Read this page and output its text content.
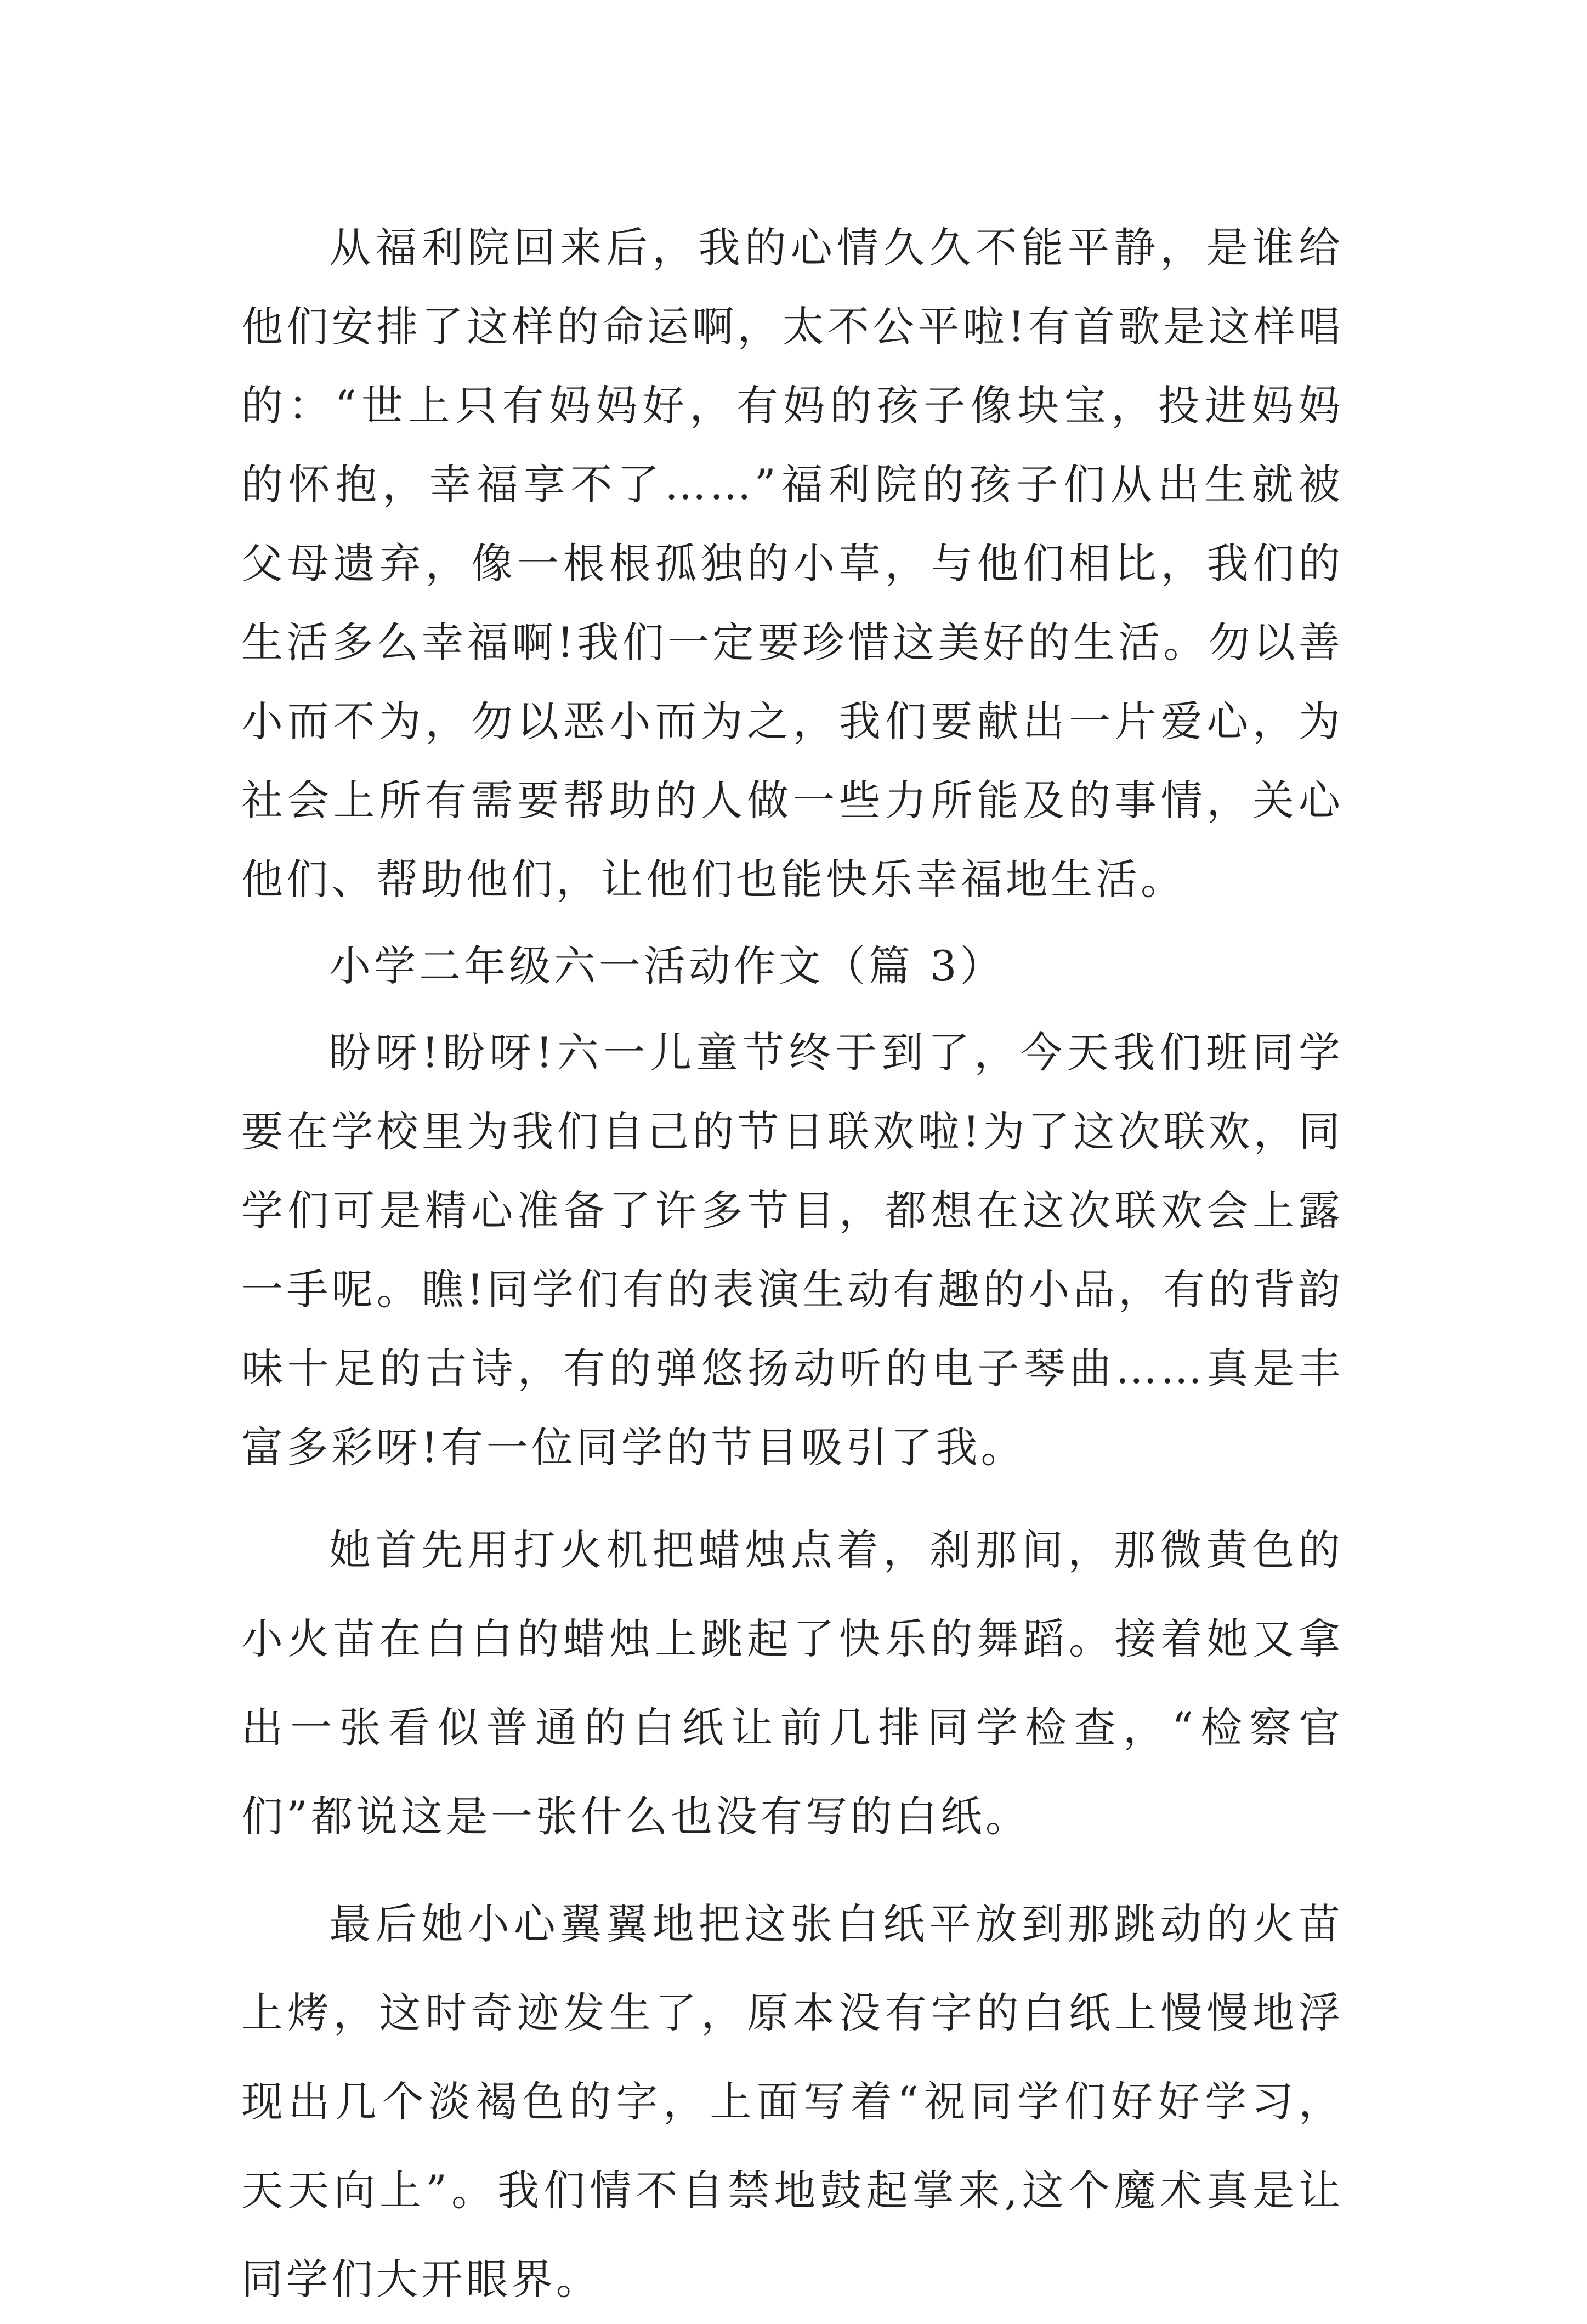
从福利院回来后，我的心情久久不能平静，是谁给他们安排了这样的命运啊，太不公平啦!有首歌是这样唱的：“世上只有妈妈好，有妈的孩子像块宝，投进妈妈的怀抱，幸福享不了……”福利院的孩子们从出生就被父母遗弃，像一根根孤独的小草，与他们相比，我们的生活多么幸福啊!我们一定要珍惜这美好的生活。勿以善小而不为，勿以恶小而为之，我们要献出一片爱心，为社会上所有需要帮助的人做一些力所能及的事情，关心他们、帮助他们，让他们也能快乐幸福地生活。

小学二年级六一活动作文（篇 3）

盼呀!盼呀!六一儿童节终于到了，今天我们班同学要在学校里为我们自己的节日联欢啦!为了这次联欢，同学们可是精心准备了许多节目，都想在这次联欢会上露一手呢。瞧!同学们有的表演生动有趣的小品，有的背韵味十足的古诗，有的弹悠扬动听的电子琴曲……真是丰富多彩呀!有一位同学的节目吸引了我。

她首先用打火机把蜡烛点着，刹那间，那微黄色的小火苗在白白的蜡烛上跳起了快乐的舞蹈。接着她又拿出一张看似普通的白纸让前几排同学检查，“检察官们”都说这是一张什么也没有写的白纸。

最后她小心翼翼地把这张白纸平放到那跳动的火苗上烤，这时奇迹发生了，原本没有字的白纸上慢慢地浮现出几个淡褐色的字，上面写着“祝同学们好好学习，天天向上”。我们情不自禁地鼓起掌来,这个魔术真是让同学们大开眼界。
